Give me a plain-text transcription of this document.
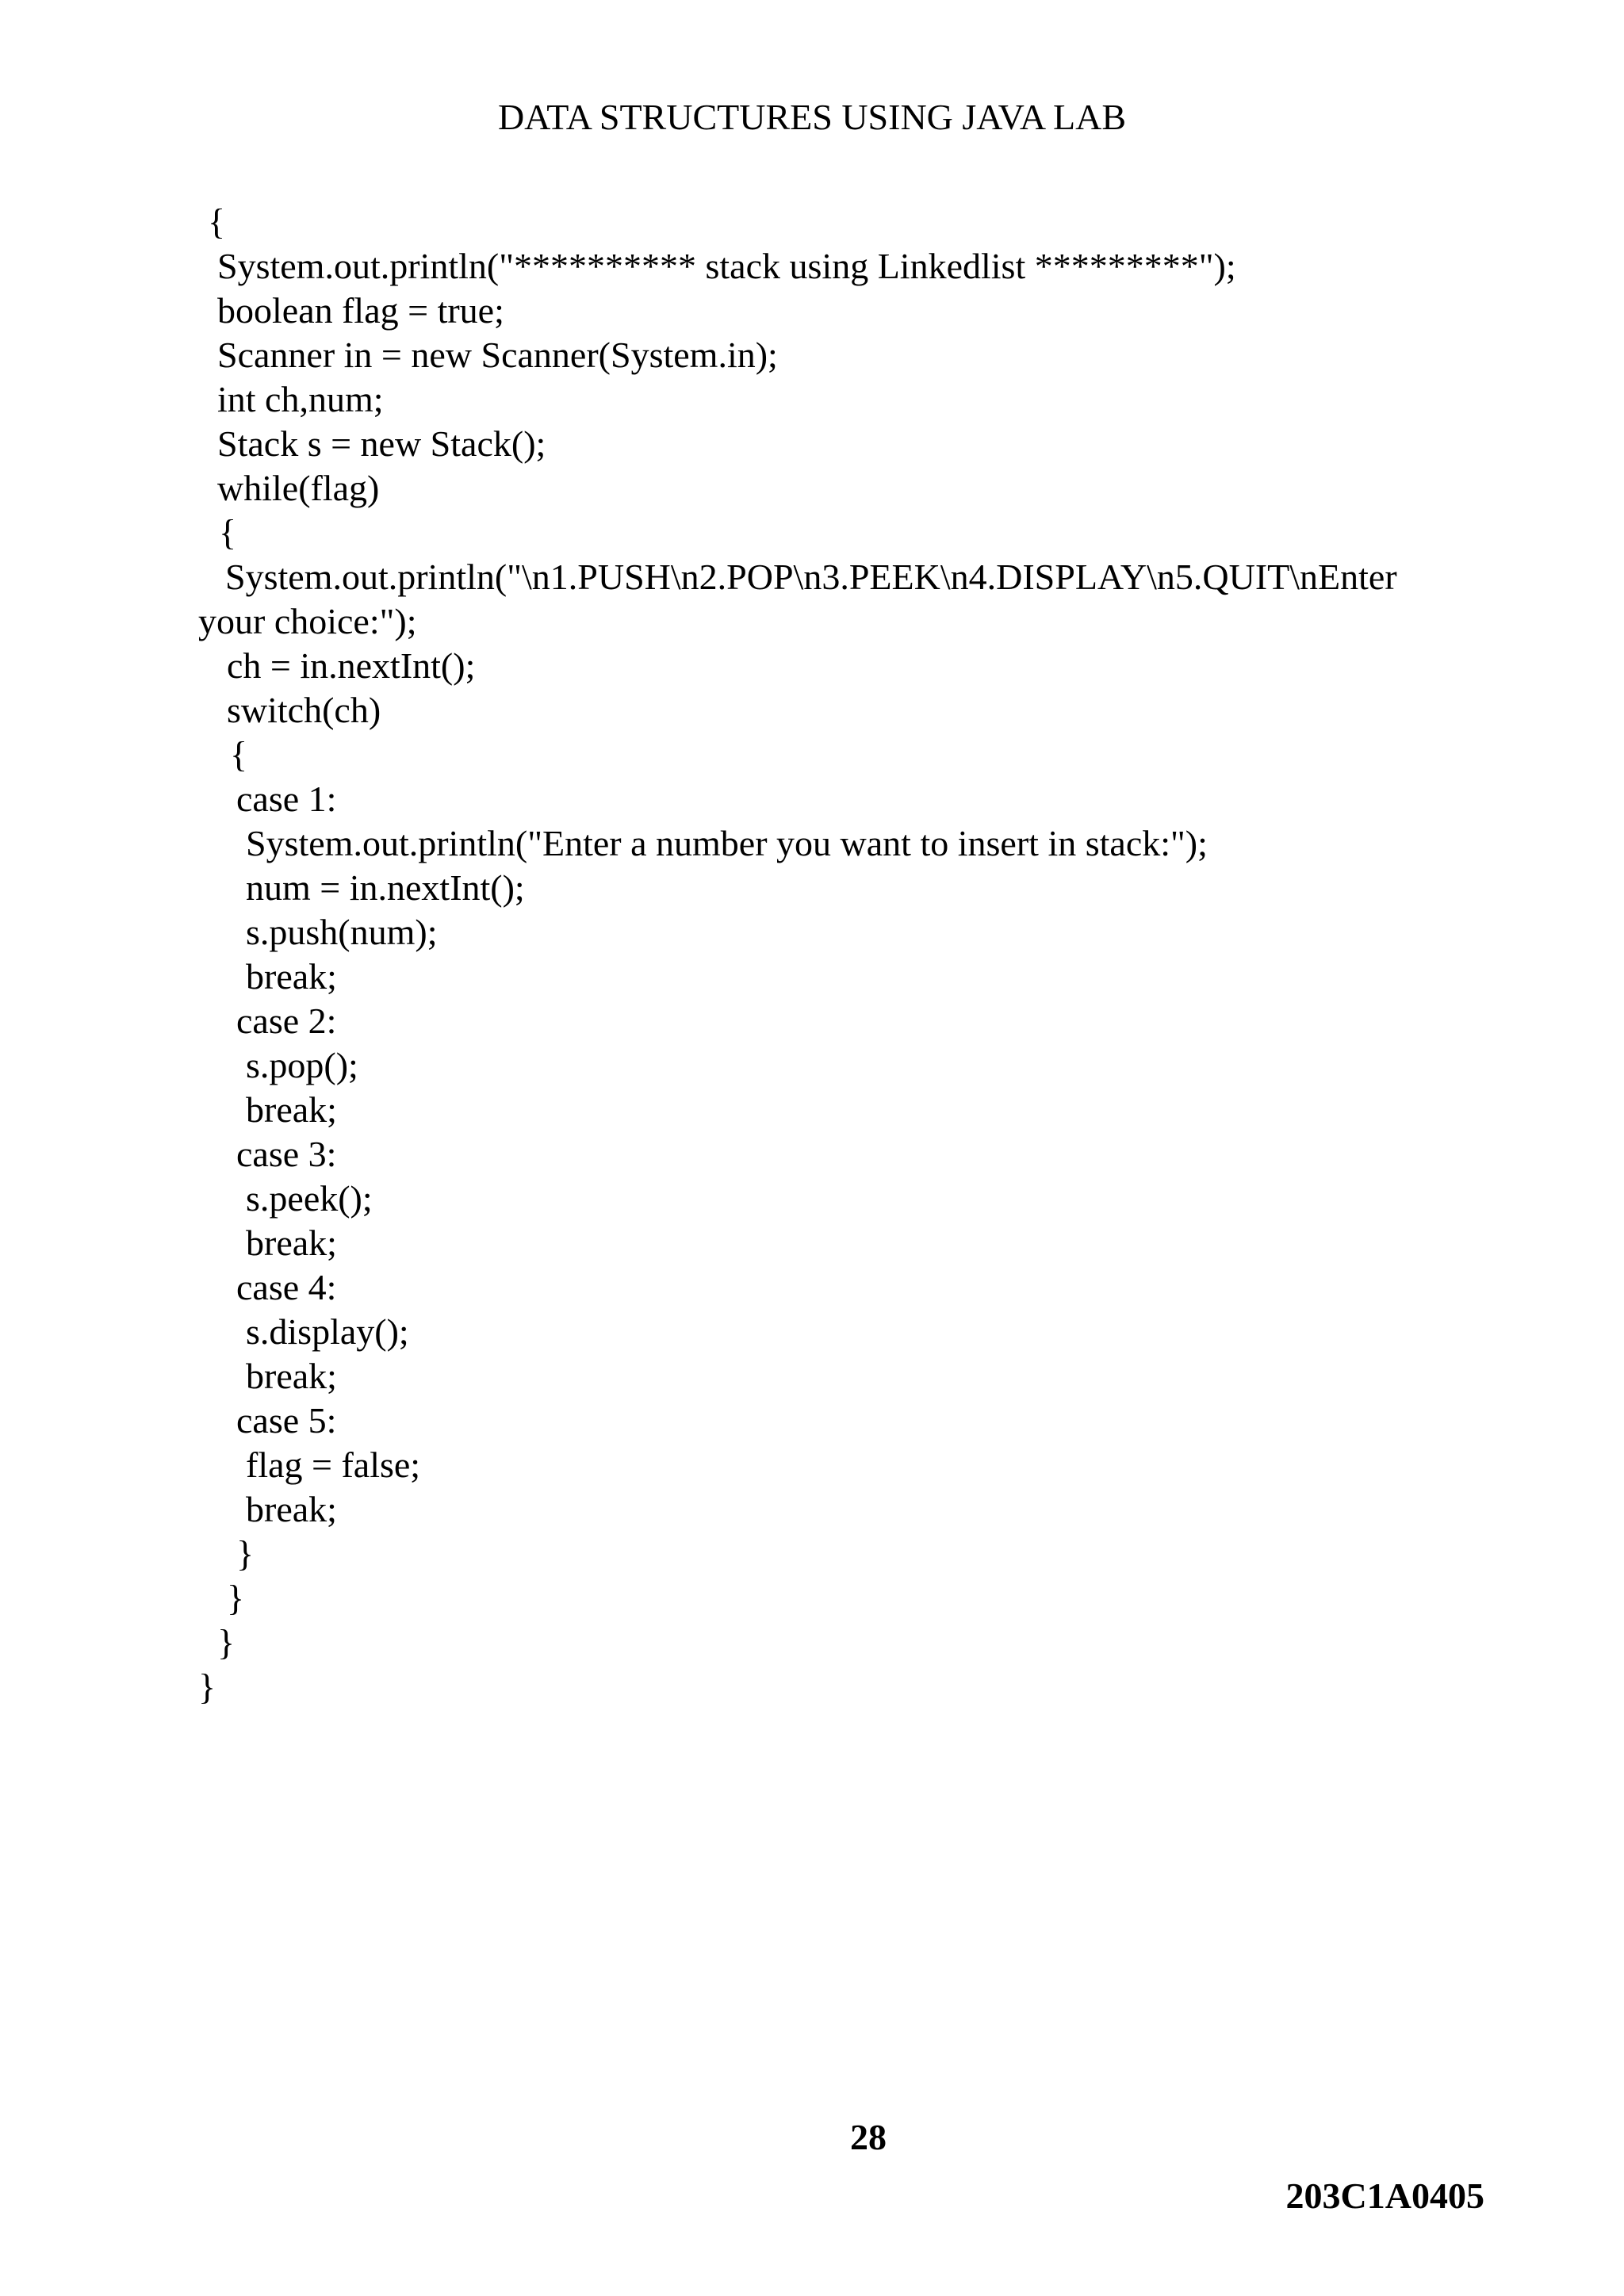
DATA STRUCTURES USING JAVA LAB
{
System.out.println("********** stack using Linkedlist *********");
boolean flag = true;
Scanner in = new Scanner(System.in);
int ch,num;
Stack s = new Stack();
while(flag)
{
System.out.println("\n1.PUSH\n2.POP\n3.PEEK\n4.DISPLAY\n5.QUIT\nEnter
your choice:");
ch = in.nextInt();
switch(ch)
{
case 1:
System.out.println("Enter a number you want to insert in stack:");
num = in.nextInt();
s.push(num);
break;
case 2:
s.pop();
break;
case 3:
s.peek();
break;
case 4:
s.display();
break;
case 5:
flag = false;
break;
}
}
}
}
28
203C1A0405
